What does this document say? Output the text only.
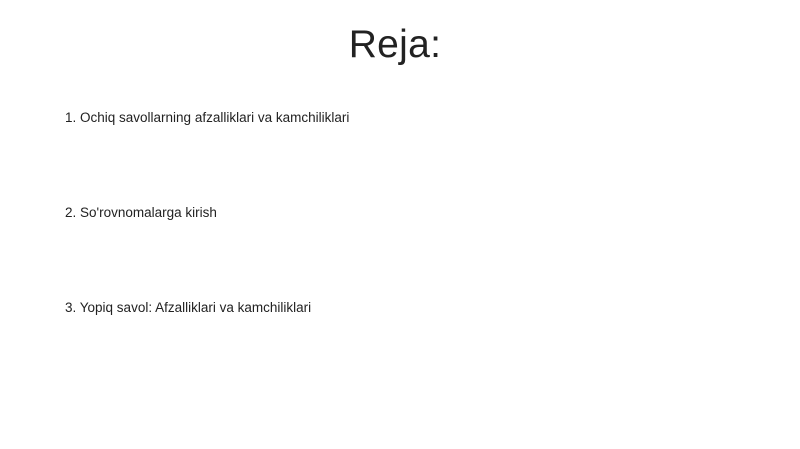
Reja:
1. Ochiq savollarning afzalliklari va kamchiliklari
2. So'rovnomalarga kirish
3. Yopiq savol: Afzalliklari va kamchiliklari
